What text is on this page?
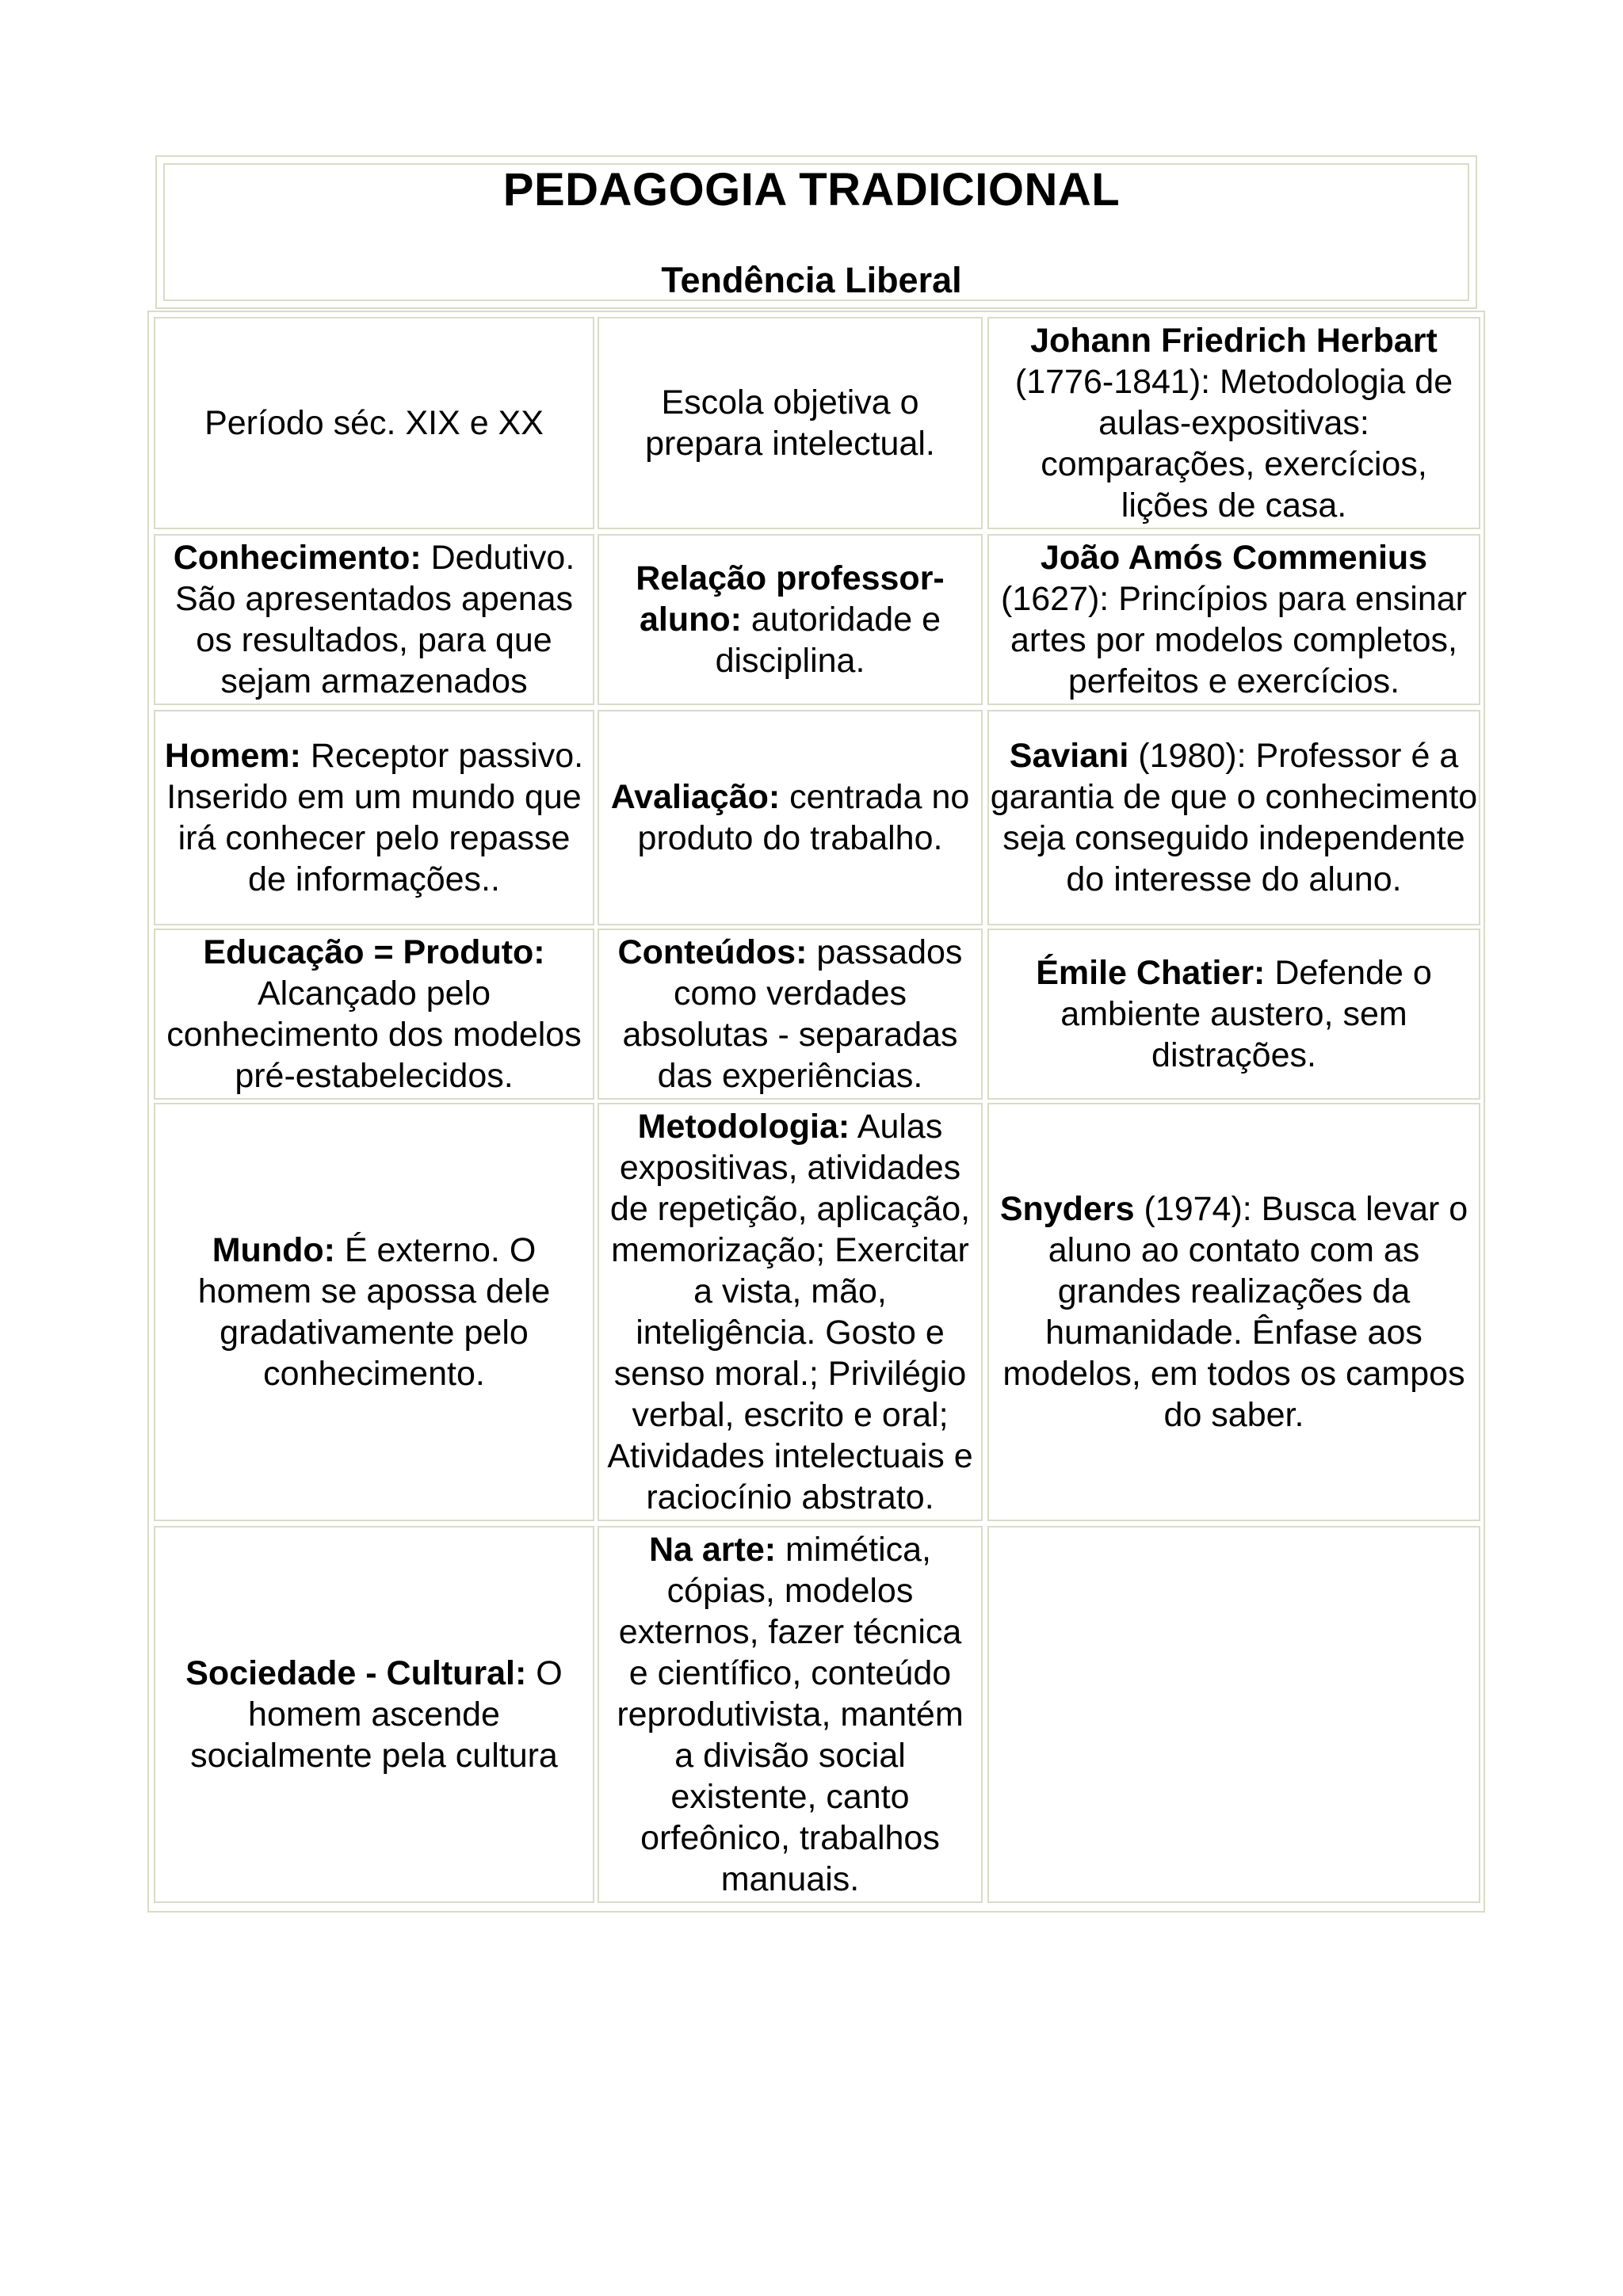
PEDAGOGIA TRADICIONAL
Tendência Liberal
Período séc. XIX e XX
Escola objetiva o prepara intelectual.
Johann Friedrich Herbart (1776-1841): Metodologia de aulas-expositivas: comparações, exercícios, lições de casa.
Conhecimento: Dedutivo. São apresentados apenas os resultados, para que sejam armazenados
Relação professor-aluno: autoridade e disciplina.
João Amós Commenius (1627): Princípios para ensinar artes por modelos completos, perfeitos e exercícios.
Homem: Receptor passivo. Inserido em um mundo que irá conhecer pelo repasse de informações..
Avaliação: centrada no produto do trabalho.
Saviani (1980): Professor é a garantia de que o conhecimento seja conseguido independente do interesse do aluno.
Educação = Produto: Alcançado pelo conhecimento dos modelos pré-estabelecidos.
Conteúdos: passados como verdades absolutas - separadas das experiências.
Émile Chatier: Defende o ambiente austero, sem distrações.
Mundo: É externo. O homem se apossa dele gradativamente pelo conhecimento.
Metodologia: Aulas expositivas, atividades de repetição, aplicação, memorização; Exercitar a vista, mão, inteligência. Gosto e senso moral.; Privilégio verbal, escrito e oral; Atividades intelectuais e raciocínio abstrato.
Snyders (1974): Busca levar o aluno ao contato com as grandes realizações da humanidade. Ênfase aos modelos, em todos os campos do saber.
Sociedade - Cultural: O homem ascende socialmente pela cultura
Na arte: mimética, cópias, modelos externos, fazer técnica e científico, conteúdo reprodutivista, mantém a divisão social existente, canto orfeônico, trabalhos manuais.
